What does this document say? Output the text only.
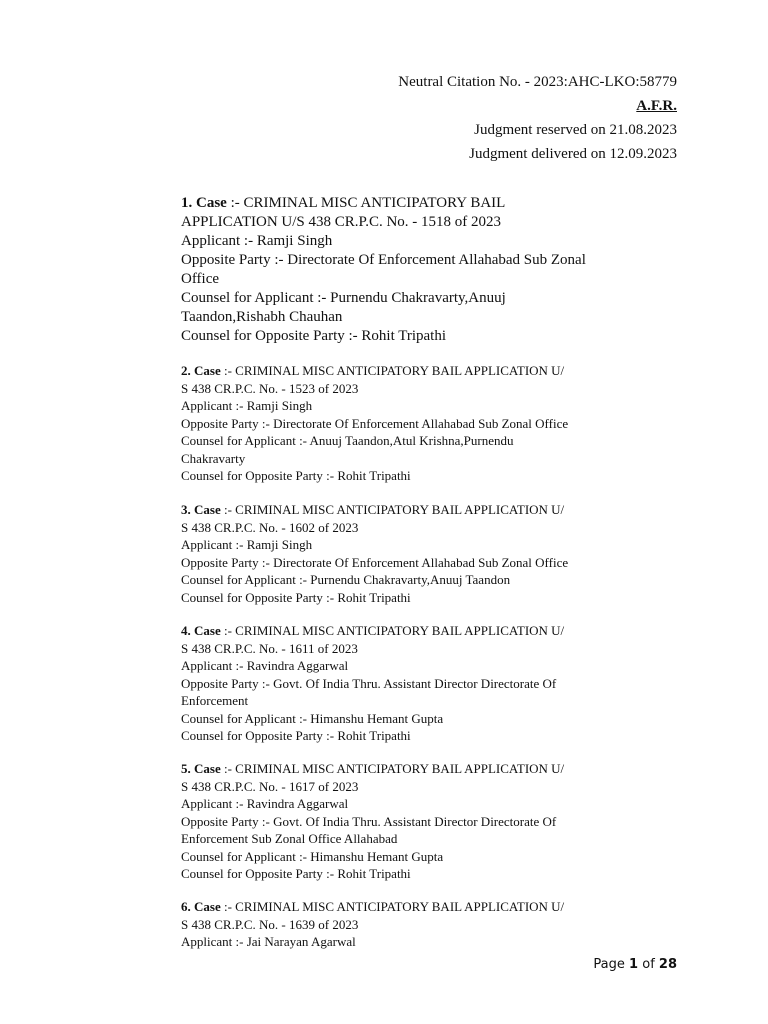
Neutral Citation No. - 2023:AHC-LKO:58779
A.F.R.
Judgment reserved on 21.08.2023
Judgment delivered on 12.09.2023
1. Case :- CRIMINAL MISC ANTICIPATORY BAIL
APPLICATION U/S 438 CR.P.C. No. - 1518 of 2023
Applicant :- Ramji Singh
Opposite Party :- Directorate Of Enforcement Allahabad Sub Zonal
Office
Counsel for Applicant :- Purnendu Chakravarty,Anuuj
Taandon,Rishabh Chauhan
Counsel for Opposite Party :- Rohit Tripathi
2. Case :- CRIMINAL MISC ANTICIPATORY BAIL APPLICATION U/
S 438 CR.P.C. No. - 1523 of 2023
Applicant :- Ramji Singh
Opposite Party :- Directorate Of Enforcement Allahabad Sub Zonal Office
Counsel for Applicant :- Anuuj Taandon,Atul Krishna,Purnendu
Chakravarty
Counsel for Opposite Party :- Rohit Tripathi
3. Case :- CRIMINAL MISC ANTICIPATORY BAIL APPLICATION U/
S 438 CR.P.C. No. - 1602 of 2023
Applicant :- Ramji Singh
Opposite Party :- Directorate Of Enforcement Allahabad Sub Zonal Office
Counsel for Applicant :- Purnendu Chakravarty,Anuuj Taandon
Counsel for Opposite Party :- Rohit Tripathi
4. Case :- CRIMINAL MISC ANTICIPATORY BAIL APPLICATION U/
S 438 CR.P.C. No. - 1611 of 2023
Applicant :- Ravindra Aggarwal
Opposite Party :- Govt. Of India Thru. Assistant Director Directorate Of
Enforcement
Counsel for Applicant :- Himanshu Hemant Gupta
Counsel for Opposite Party :- Rohit Tripathi
5. Case :- CRIMINAL MISC ANTICIPATORY BAIL APPLICATION U/
S 438 CR.P.C. No. - 1617 of 2023
Applicant :- Ravindra Aggarwal
Opposite Party :- Govt. Of India Thru. Assistant Director Directorate Of
Enforcement Sub Zonal Office Allahabad
Counsel for Applicant :- Himanshu Hemant Gupta
Counsel for Opposite Party :- Rohit Tripathi
6. Case :- CRIMINAL MISC ANTICIPATORY BAIL APPLICATION U/
S 438 CR.P.C. No. - 1639 of 2023
Applicant :- Jai Narayan Agarwal
Page 1 of 28
